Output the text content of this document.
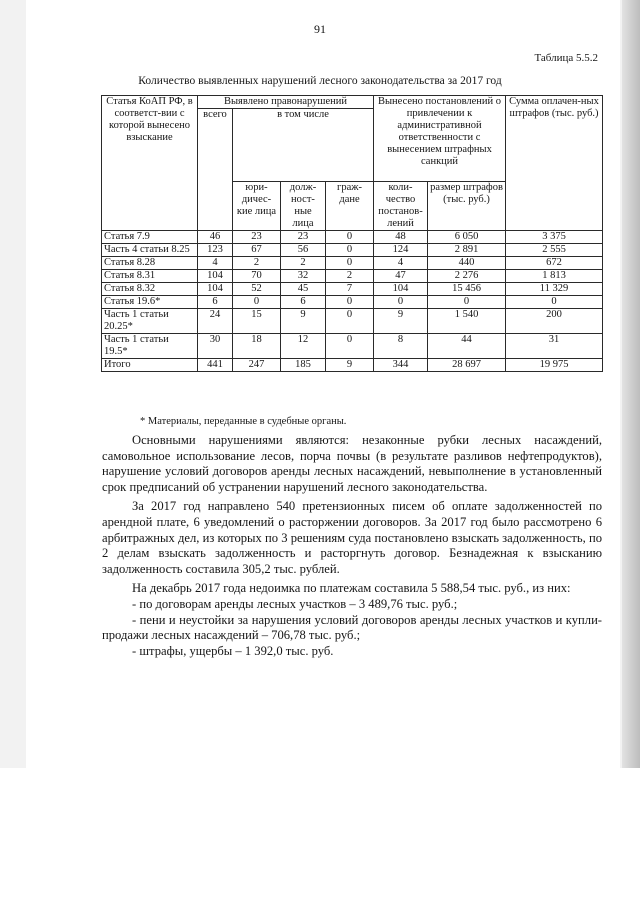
91
Таблица 5.5.2
Количество выявленных нарушений лесного законодательства за 2017 год
Статья КоАП РФ, в соответст-вии с которой вынесено взыскание	Выявлено правонарушений				Вынесено постановлений о привлечении к административной ответственности с вынесением штрафных санкций		Сумма оплачен-ных штрафов (тыс. руб.)
	всего	в том числе					
		юри-дичес-кие лица	долж-ност-ные лица	граж-дане	коли-чество постанов-лений	размер штрафов (тыс. руб.)	
Статья 7.9	46	23	23	0	48	6 050	3 375
Часть 4 статьи 8.25	123	67	56	0	124	2 891	2 555
Статья 8.28	4	2	2	0	4	440	672
Статья 8.31	104	70	32	2	47	2 276	1 813
Статья 8.32	104	52	45	7	104	15 456	11 329
Статья 19.6*	6	0	6	0	0	0	0
Часть 1 статьи 20.25*	24	15	9	0	9	1 540	200
Часть 1 статьи 19.5*	30	18	12	0	8	44	31
Итого	441	247	185	9	344	28 697	19 975
* Материалы, переданные в судебные органы.

Основными нарушениями являются: незаконные рубки лесных насаждений, самовольное использование лесов, порча почвы (в результате разливов нефтепродуктов), нарушение условий договоров аренды лесных насаждений, невыполнение в установленный срок предписаний об устранении нарушений лесного законодательства.

За 2017 год направлено 540 претензионных писем об оплате задолженностей по арендной плате, 6 уведомлений о расторжении договоров. За 2017 год было рассмотрено 6 арбитражных дел, из которых по 3 решениям суда постановлено взыскать задолженность, по 2 делам взыскать задолженность и расторгнуть договор. Безнадежная к взысканию задолженность составила 305,2 тыс. рублей.

На декабрь 2017 года недоимка по платежам составила 5 588,54 тыс. руб., из них:

- по договорам аренды лесных участков – 3 489,76 тыс. руб.;

- пени и неустойки за нарушения условий договоров аренды лесных участков и купли-продажи лесных насаждений – 706,78 тыс. руб.;

- штрафы, ущербы – 1 392,0 тыс. руб.
